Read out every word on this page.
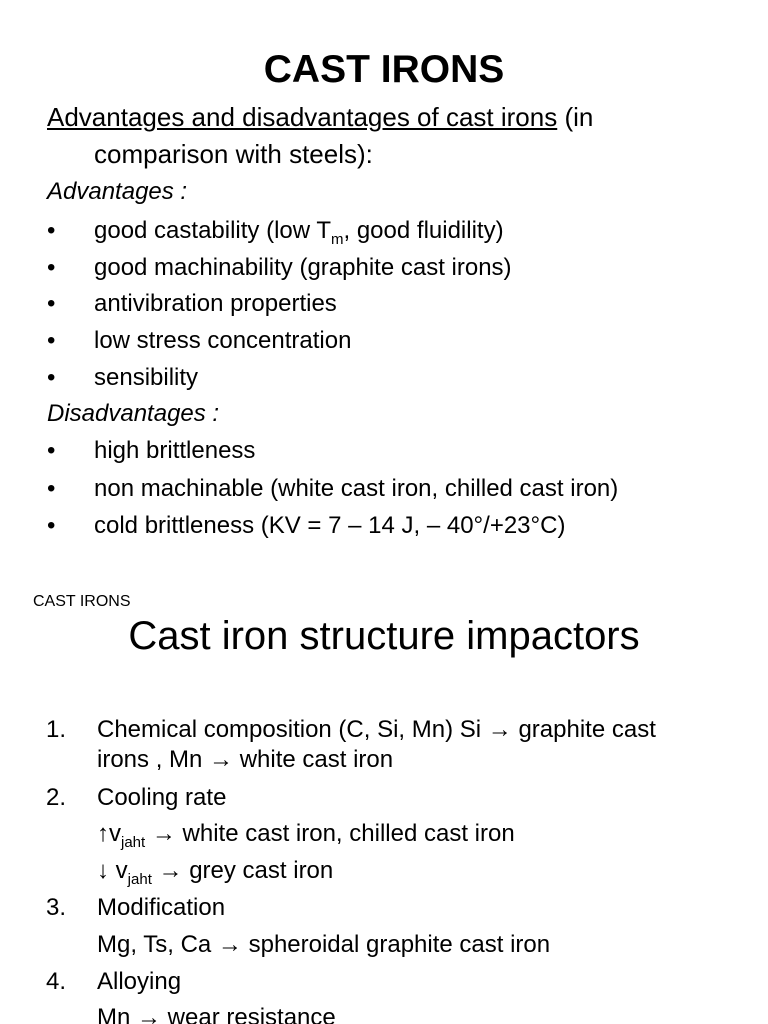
CAST IRONS
Advantages and disadvantages of cast irons (in
comparison with steels):
Advantages :
• good castability (low $T_m$, good fluidility)
• good machinability (graphite cast irons)
• antivibration properties
• low stress concentration
• sensibility
Disadvantages :
• high brittleness
• non machinable (white cast iron, chilled cast iron)
• cold brittleness (KV = 7 – 14 J, – 40°/+23°C)
CAST IRONS
Cast iron structure impactors
1. Chemical composition (C, Si, Mn) Si → graphite cast
irons , Mn → white cast iron
2. Cooling rate
$↑v_{jaht}$ → white cast iron, chilled cast iron
↓ $v_{jaht}$ → grey cast iron
3. Modification
Mg, Ts, Ca → spheroidal graphite cast iron
4. Alloying
Mn → wear resistance
